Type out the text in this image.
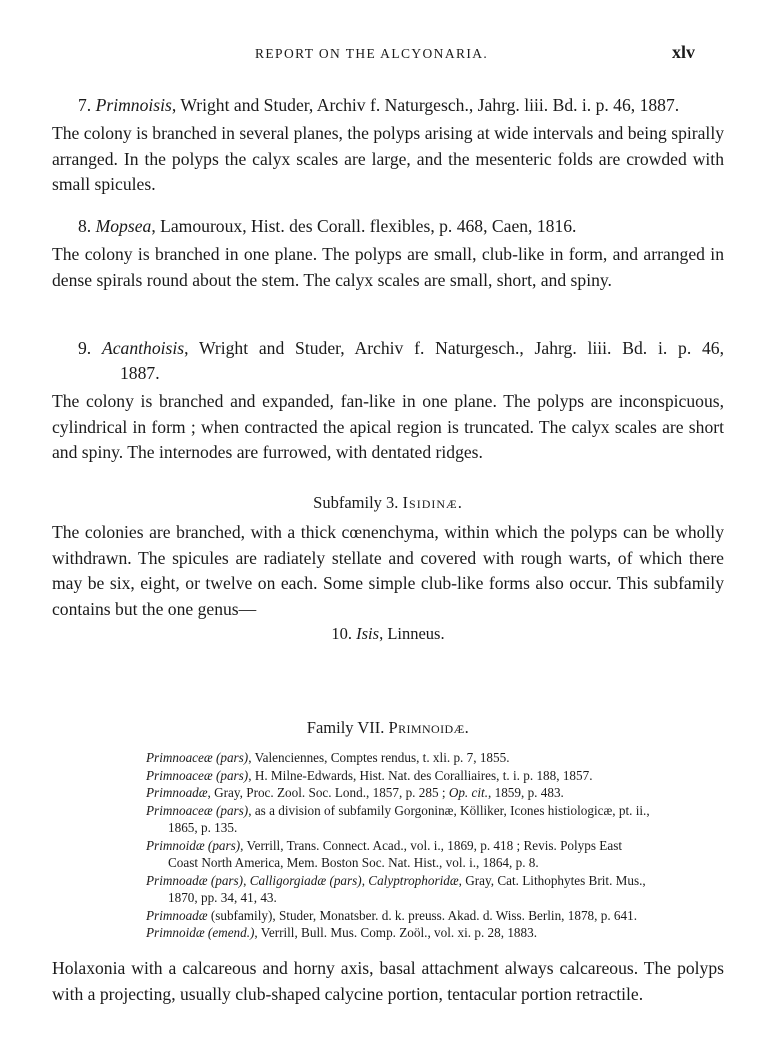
REPORT ON THE ALCYONARIA.	xlv
7. Primnoisis, Wright and Studer, Archiv f. Naturgesch., Jahrg. liii. Bd. i. p. 46, 1887.
The colony is branched in several planes, the polyps arising at wide intervals and being spirally arranged. In the polyps the calyx scales are large, and the mesenteric folds are crowded with small spicules.
8. Mopsea, Lamouroux, Hist. des Corall. flexibles, p. 468, Caen, 1816.
The colony is branched in one plane. The polyps are small, club-like in form, and arranged in dense spirals round about the stem. The calyx scales are small, short, and spiny.
9. Acanthoisis, Wright and Studer, Archiv f. Naturgesch., Jahrg. liii. Bd. i. p. 46,
1887.
The colony is branched and expanded, fan-like in one plane. The polyps are inconspicuous, cylindrical in form ; when contracted the apical region is truncated. The calyx scales are short and spiny. The internodes are furrowed, with dentated ridges.
Subfamily 3. Isidinæ.
The colonies are branched, with a thick cœnenchyma, within which the polyps can be wholly withdrawn. The spicules are radiately stellate and covered with rough warts, of which there may be six, eight, or twelve on each. Some simple club-like forms also occur. This subfamily contains but the one genus—
10. Isis, Linneus.
Family VII. Primnoidæ.
Primnoaceæ (pars), Valenciennes, Comptes rendus, t. xli. p. 7, 1855.
Primnoaceæ (pars), H. Milne-Edwards, Hist. Nat. des Coralliaires, t. i. p. 188, 1857.
Primnoadæ, Gray, Proc. Zool. Soc. Lond., 1857, p. 285 ; Op. cit., 1859, p. 483.
Primnoaceæ (pars), as a division of subfamily Gorgoninæ, Kölliker, Icones histiologicæ, pt. ii.,
1865, p. 135.
Primnoidæ (pars), Verrill, Trans. Connect. Acad., vol. i., 1869, p. 418 ; Revis. Polyps East
Coast North America, Mem. Boston Soc. Nat. Hist., vol. i., 1864, p. 8.
Primnoadæ (pars), Calligorgiadæ (pars), Calyptrophoridæ, Gray, Cat. Lithophytes Brit. Mus.,
1870, pp. 34, 41, 43.
Primnoadæ (subfamily), Studer, Monatsber. d. k. preuss. Akad. d. Wiss. Berlin, 1878, p. 641.
Primnoidæ (emend.), Verrill, Bull. Mus. Comp. Zoöl., vol. xi. p. 28, 1883.
Holaxonia with a calcareous and horny axis, basal attachment always calcareous. The polyps with a projecting, usually club-shaped calycine portion, tentacular portion retractile.
